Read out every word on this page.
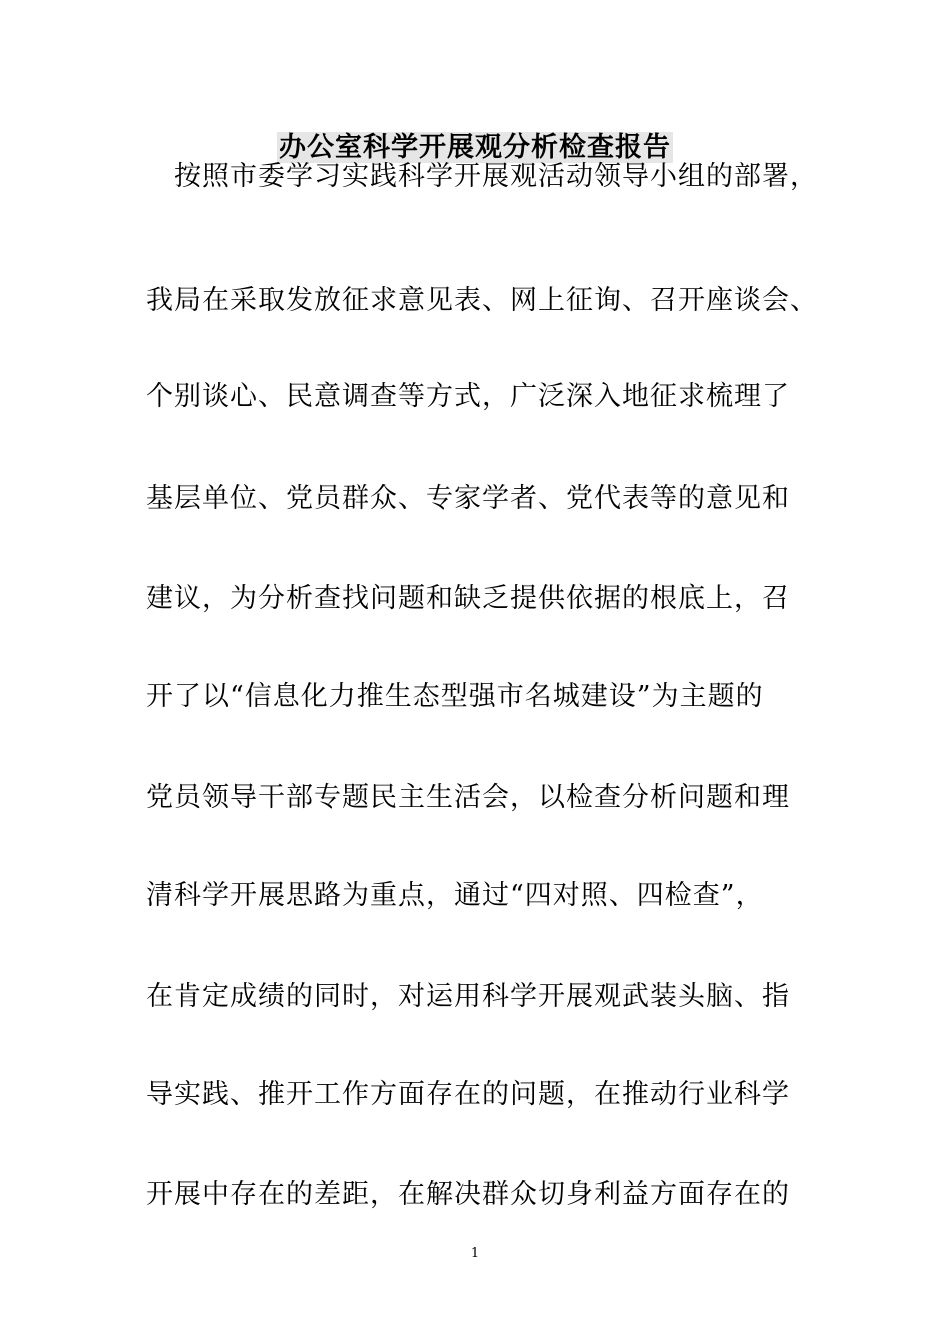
办公室科学开展观分析检查报告
　按照市委学习实践科学开展观活动领导小组的部署，
我局在采取发放征求意见表、网上征询、召开座谈会、
个别谈心、民意调查等方式，广泛深入地征求梳理了
基层单位、党员群众、专家学者、党代表等的意见和
建议，为分析查找问题和缺乏提供依据的根底上，召
开了以“信息化力推生态型强市名城建设”为主题的
党员领导干部专题民主生活会，以检查分析问题和理
清科学开展思路为重点，通过“四对照、四检查”，
在肯定成绩的同时，对运用科学开展观武装头脑、指
导实践、推开工作方面存在的问题，在推动行业科学
开展中存在的差距，在解决群众切身利益方面存在的
1
